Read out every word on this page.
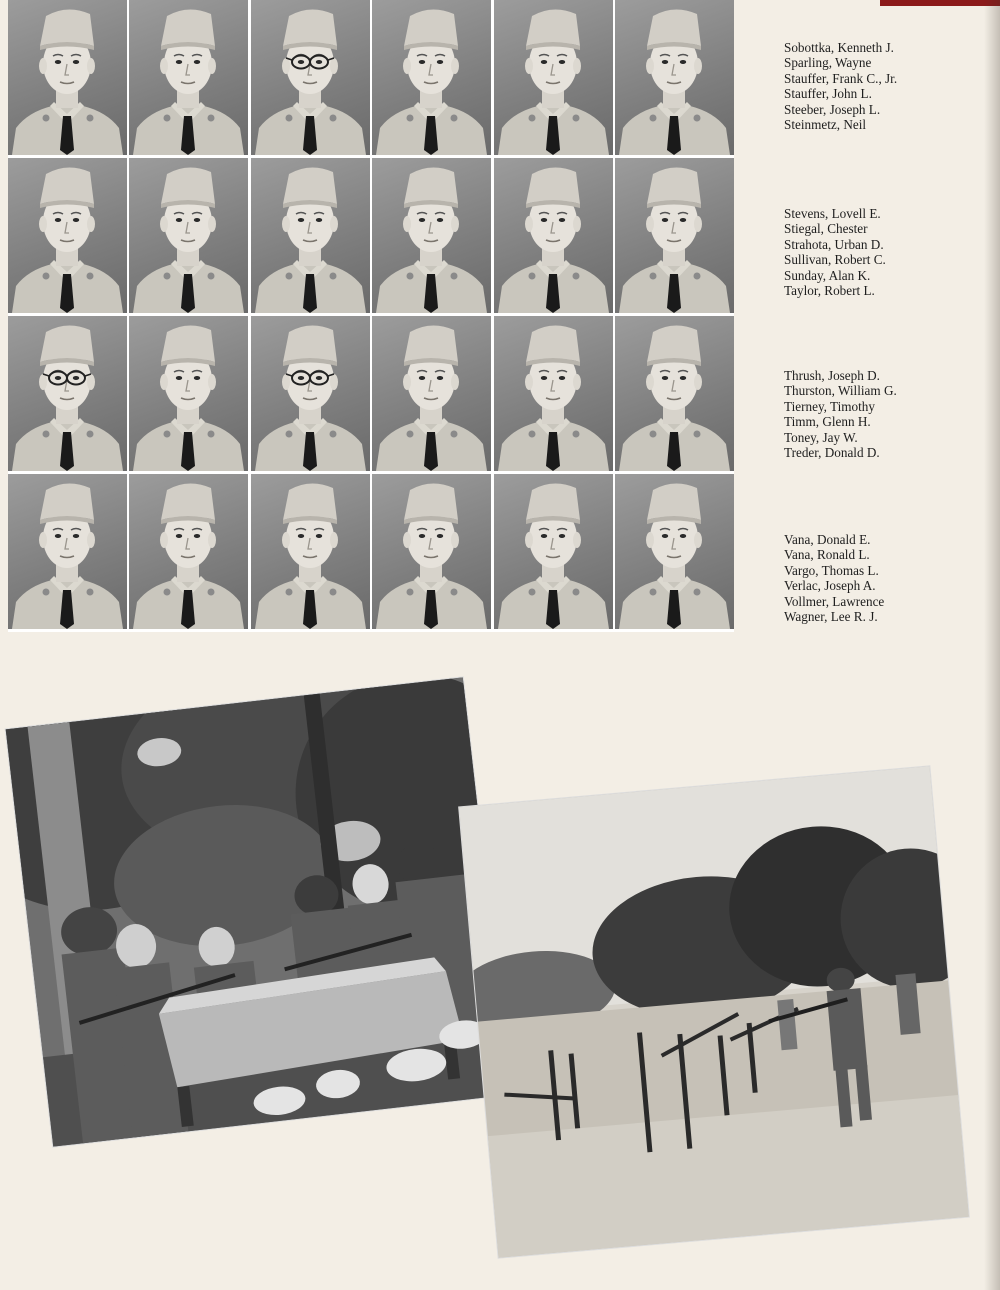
Sobottka, Kenneth J.
Sparling, Wayne
Stauffer, Frank C., Jr.
Stauffer, John L.
Steeber, Joseph L.
Steinmetz, Neil
Stevens, Lovell E.
Stiegal, Chester
Strahota, Urban D.
Sullivan, Robert C.
Sunday, Alan K.
Taylor, Robert L.
Thrush, Joseph D.
Thurston, William G.
Tierney, Timothy
Timm, Glenn H.
Toney, Jay W.
Treder, Donald D.
Vana, Donald E.
Vana, Ronald L.
Vargo, Thomas L.
Verlac, Joseph A.
Vollmer, Lawrence
Wagner, Lee R. J.
